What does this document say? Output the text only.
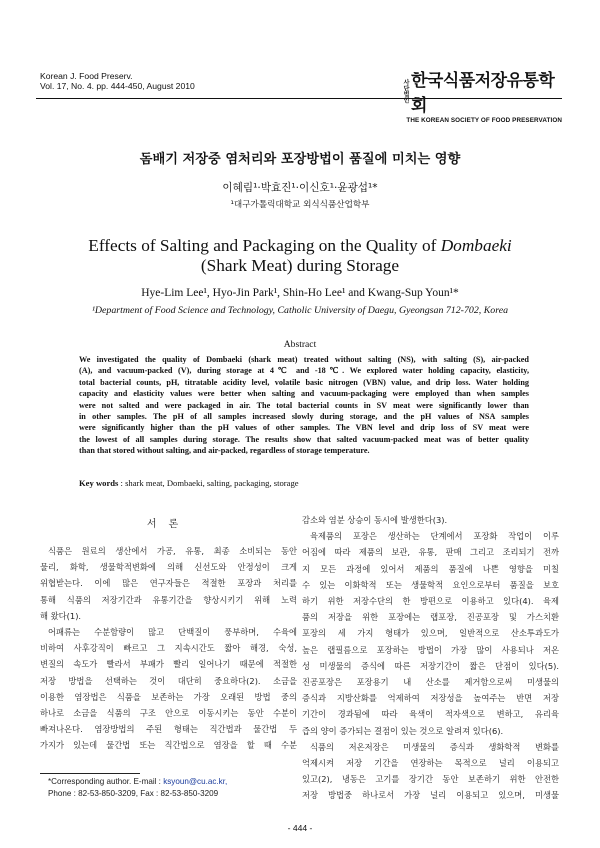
Korean J. Food Preserv.
Vol. 17, No. 4. pp. 444-450, August 2010	사단법인 한국식품저장유통학회
THE KOREAN SOCIETY OF FOOD PRESERVATION
돔배기 저장중 염처리와 포장방법이 품질에 미치는 영향
이혜림¹·박효진¹·이신호¹·윤광섭¹*
¹대구가톨릭대학교 외식식품산업학부
Effects of Salting and Packaging on the Quality of Dombaeki
(Shark Meat) during Storage
Hye-Lim Lee¹, Hyo-Jin Park¹, Shin-Ho Lee¹ and Kwang-Sup Youn¹*
¹Department of Food Science and Technology, Catholic University of Daegu, Gyeongsan 712-702, Korea
Abstract
We investigated the quality of Dombaeki (shark meat) treated without salting (NS), with salting (S), air-packed
(A), and vacuum-packed (V), during storage at 4℃ and -18℃. We explored water holding capacity, elasticity,
total bacterial counts, pH, titratable acidity level, volatile basic nitrogen (VBN) value, and drip loss. Water holding
capacity and elasticity values were better when salting and vacuum-packaging were employed than when samples
were not salted and were packaged in air. The total bacterial counts in SV meat were significantly lower than
in other samples. The pH of all samples increased slowly during storage, and the pH values of NSA samples
were significantly higher than the pH values of other samples. The VBN level and drip loss of SV meat were
the lowest of all samples during storage. The results show that salted vacuum-packed meat was of better quality
than that stored without salting, and air-packed, regardless of storage temperature.
Key words : shark meat, Dombaeki, salting, packaging, storage
서론
식품은 원료의 생산에서 가공, 유통, 최종 소비되는 동안
물리, 화학, 생물학적변화에 의해 신선도와 안정성이 크게
위협받는다. 이에 많은 연구자들은 적절한 포장과 처리를
통해 식품의 저장기간과 유통기간을 향상시키기 위해 노력
해 왔다(1).
어패류는 수분함량이 많고 단백질이 풍부하며, 수육에
비하여 사후강직이 빠르고 그 지속시간도 짧아 해경, 숙성,
변질의 속도가 빨라서 부패가 빨리 일어나기 때문에 적절한
저장 방법을 선택하는 것이 대단히 중요하다(2). 소금을
이용한 염장법은 식품을 보존하는 가장 오래된 방법 중의
하나로 소금을 식품의 구조 안으로 이동시키는 동안 수분이
빠져나온다. 염장방법의 주된 형태는 직간법과 물간법 두
가지가 있는데 물간법 또는 직간법으로 염장을 할 때 수분
감소와 염분 상승이 동시에 발생한다(3).
육제품의 포장은 생산하는 단계에서 포장화 작업이 이루
어짐에 따라 제품의 보관, 유통, 판매 그리고 조리되기 전까
지 모든 과정에 있어서 제품의 품질에 나쁜 영향을 미칠
수 있는 이화학적 또는 생물학적 요인으로부터 품질을 보호
하기 위한 저장수단의 한 방편으로 이용하고 있다(4). 육제
품의 저장을 위한 포장에는 랩포장, 진공포장 및 가스치환
포장의 세 가지 형태가 있으며, 일반적으로 산소투과도가
높은 랩필름으로 포장하는 방법이 가장 많이 사용되나 저온
성 미생물의 증식에 따른 저장기간이 짧은 단점이 있다(5).
진공포장은 포장용기 내 산소를 제거함으로써 미생물의
증식과 지방산화를 억제하여 저장성을 높여주는 반면 저장
기간이 경과됨에 따라 육색이 적자색으로 변하고, 유리육
즙의 양이 증가되는 결점이 있는 것으로 알려져 있다(6).
식품의 저온저장은 미생물의 증식과 생화학적 변화를
억제시켜 저장 기간을 연장하는 목적으로 널리 이용되고
있고(2), 냉동은 고기를 장기간 동안 보존하기 위한 안전한
저장 방법중 하나로서 가장 널리 이용되고 있으며, 미생물
*Corresponding author. E-mail : ksyoun@cu.ac.kr,
Phone : 82-53-850-3209, Fax : 82-53-850-3209
- 444 -
